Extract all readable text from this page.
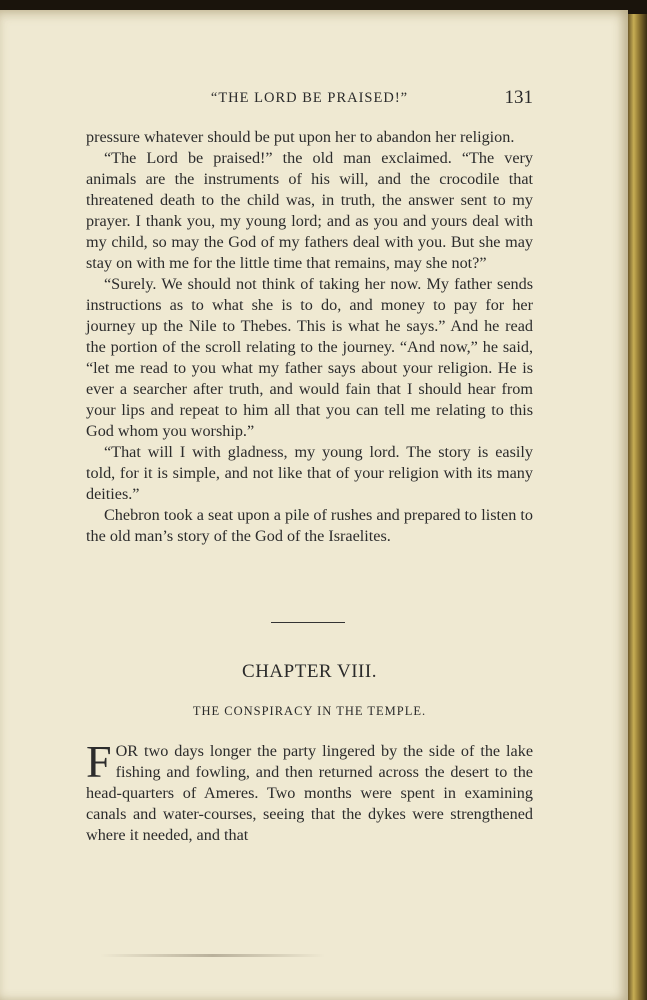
“THE LORD BE PRAISED!”	131

pressure whatever should be put upon her to abandon her religion.

“The Lord be praised!” the old man exclaimed. “The very animals are the instruments of his will, and the crocodile that threatened death to the child was, in truth, the answer sent to my prayer. I thank you, my young lord; and as you and yours deal with my child, so may the God of my fathers deal with you. But she may stay on with me for the little time that remains, may she not?”

“Surely. We should not think of taking her now. My father sends instructions as to what she is to do, and money to pay for her journey up the Nile to Thebes. This is what he says.” And he read the portion of the scroll relating to the journey. “And now,” he said, “let me read to you what my father says about your religion. He is ever a searcher after truth, and would fain that I should hear from your lips and repeat to him all that you can tell me relating to this God whom you worship.”

“That will I with gladness, my young lord. The story is easily told, for it is simple, and not like that of your religion with its many deities.”

Chebron took a seat upon a pile of rushes and prepared to listen to the old man’s story of the God of the Israelites.

CHAPTER VIII.
THE CONSPIRACY IN THE TEMPLE.
FOR two days longer the party lingered by the side of the lake fishing and fowling, and then returned across the desert to the head-quarters of Ameres. Two months were spent in examining canals and water-courses, seeing that the dykes were strengthened where it needed, and that
